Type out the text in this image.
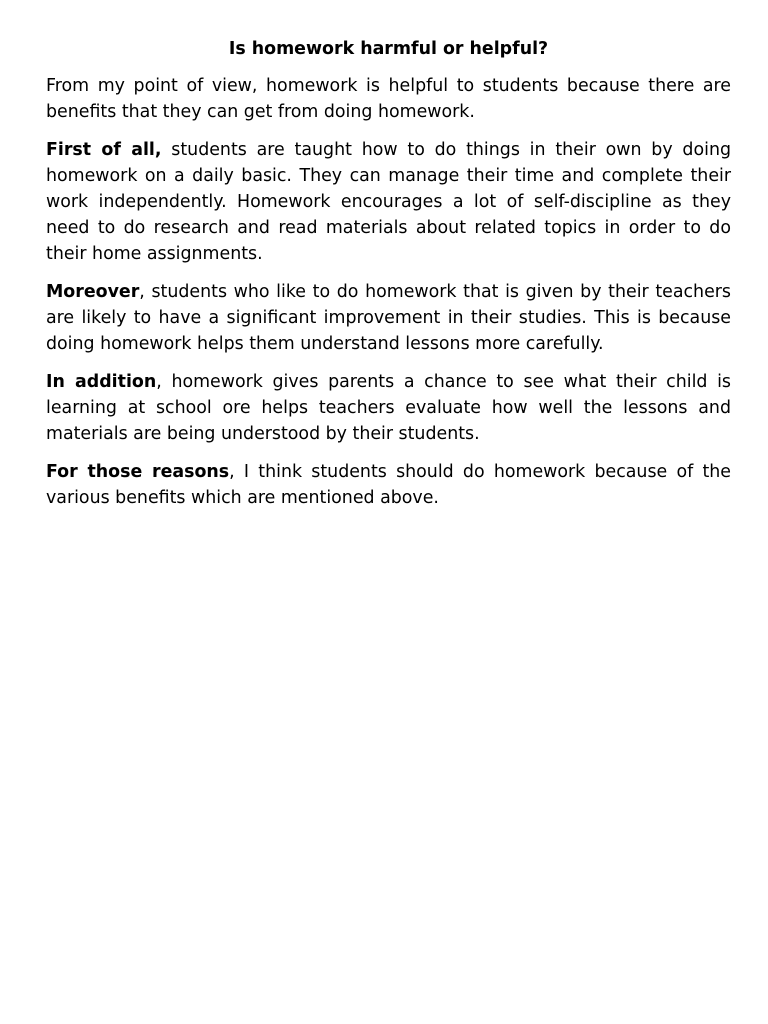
Is homework harmful or helpful?

From my point of view, homework is helpful to students because there are benefits that they can get from doing homework.

First of all, students are taught how to do things in their own by doing homework on a daily basic. They can manage their time and complete their work independently. Homework encourages a lot of self-discipline as they need to do research and read materials about related topics in order to do their home assignments.

Moreover, students who like to do homework that is given by their teachers are likely to have a significant improvement in their studies. This is because doing homework helps them understand lessons more carefully.

In addition, homework gives parents a chance to see what their child is learning at school ore helps teachers evaluate how well the lessons and materials are being understood by their students.

For those reasons, I think students should do homework because of the various benefits which are mentioned above.
